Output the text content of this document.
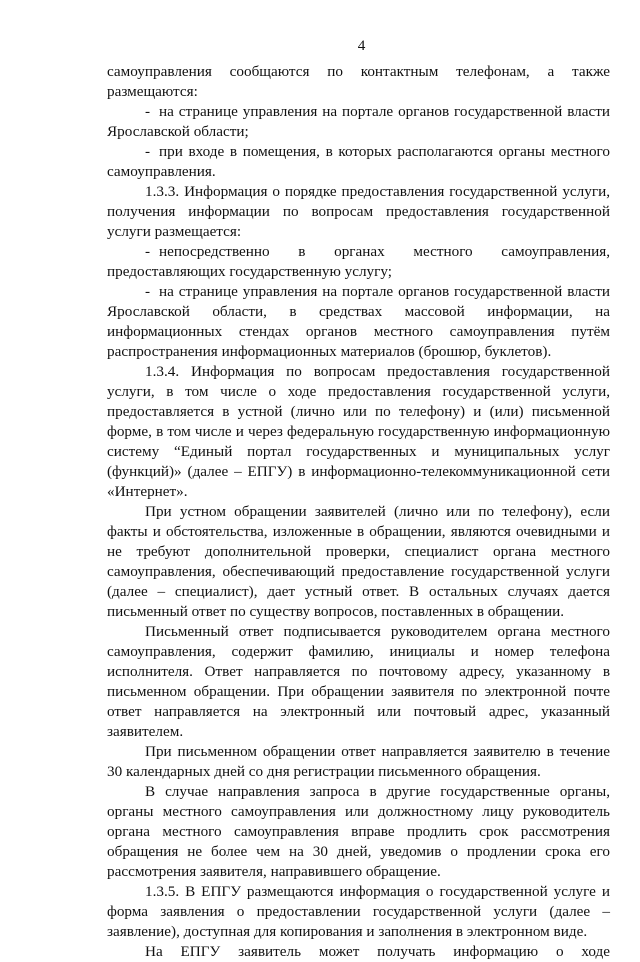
4

самоуправления сообщаются по контактным телефонам, а также размещаются:

- на странице управления на портале органов государственной власти Ярославской области;

- при входе в помещения, в которых располагаются органы местного самоуправления.

1.3.3. Информация о порядке предоставления государственной услуги, получения информации по вопросам предоставления государственной услуги размещается:

- непосредственно в органах местного самоуправления, предоставляющих государственную услугу;

- на странице управления на портале органов государственной власти Ярославской области, в средствах массовой информации, на информационных стендах органов местного самоуправления путём распространения информационных материалов (брошюр, буклетов).

1.3.4. Информация по вопросам предоставления государственной услуги, в том числе о ходе предоставления государственной услуги, предоставляется в устной (лично или по телефону) и (или) письменной форме, в том числе и через федеральную государственную информационную систему “Единый портал государственных и муниципальных услуг (функций)» (далее – ЕПГУ) в информационно-телекоммуникационной сети «Интернет».

При устном обращении заявителей (лично или по телефону), если факты и обстоятельства, изложенные в обращении, являются очевидными и не требуют дополнительной проверки, специалист органа местного самоуправления, обеспечивающий предоставление государственной услуги (далее – специалист), дает устный ответ. В остальных случаях дается письменный ответ по существу вопросов, поставленных в обращении.

Письменный ответ подписывается руководителем органа местного самоуправления, содержит фамилию, инициалы и номер телефона исполнителя. Ответ направляется по почтовому адресу, указанному в письменном обращении. При обращении заявителя по электронной почте ответ направляется на электронный или почтовый адрес, указанный заявителем.

При письменном обращении ответ направляется заявителю в течение 30 календарных дней со дня регистрации письменного обращения.

В случае направления запроса в другие государственные органы, органы местного самоуправления или должностному лицу руководитель органа местного самоуправления вправе продлить срок рассмотрения обращения не более чем на 30 дней, уведомив о продлении срока его рассмотрения заявителя, направившего обращение.

1.3.5. В ЕПГУ размещаются информация о государственной услуге и форма заявления о предоставлении государственной услуги (далее – заявление), доступная для копирования и заполнения в электронном виде.

На ЕПГУ заявитель может получать информацию о ходе
